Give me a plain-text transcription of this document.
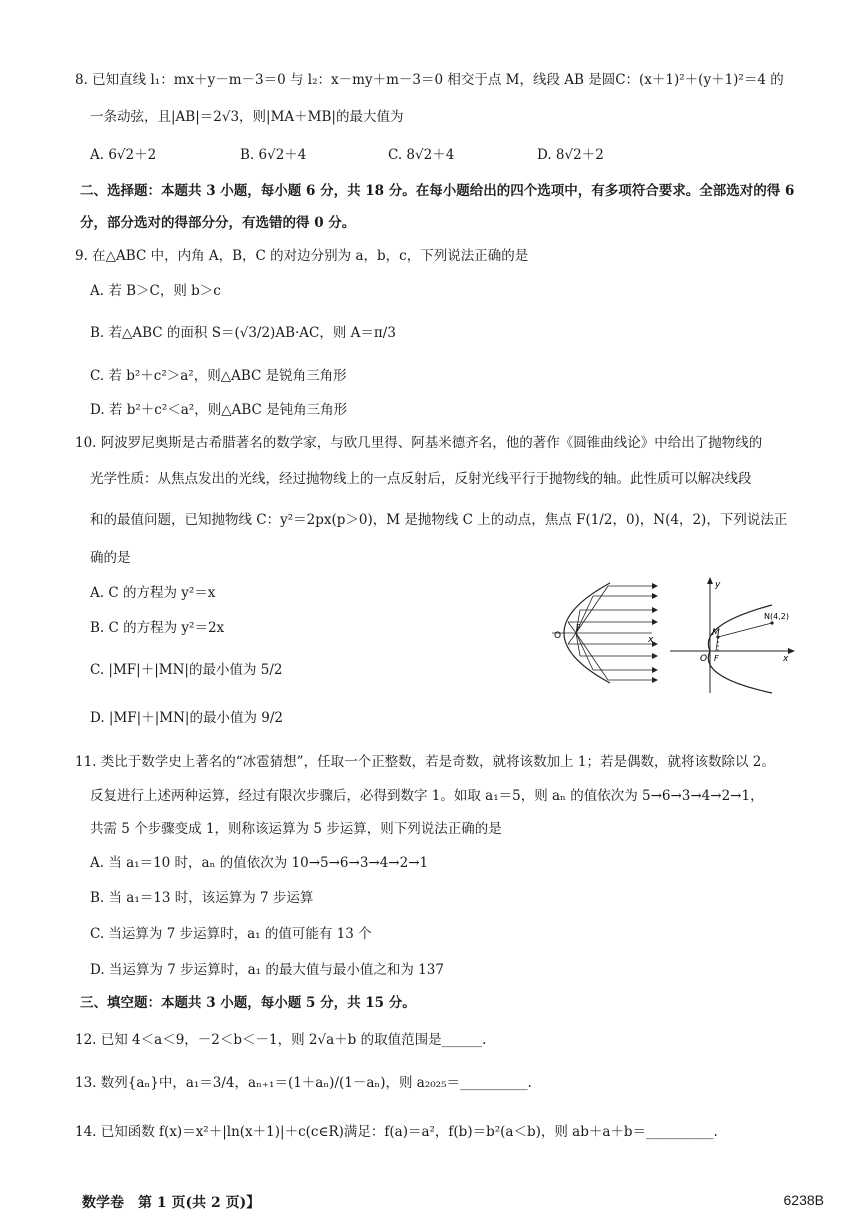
8. 已知直线 l₁：mx＋y－m－3＝0 与 l₂：x－my＋m－3＝0 相交于点 M，线段 AB 是圆C：(x＋1)²＋(y＋1)²＝4 的
一条动弦，且|AB|＝2√3，则|MA＋MB|的最大值为
A. 6√2＋2	B. 6√2＋4	C. 8√2＋4	D. 8√2＋2
二、选择题：本题共 3 小题，每小题 6 分，共 18 分。在每小题给出的四个选项中，有多项符合要求。全部选对的得 6
分，部分选对的得部分分，有选错的得 0 分。
9. 在△ABC 中，内角 A，B，C 的对边分别为 a，b，c，下列说法正确的是
A. 若 B＞C，则 b＞c
B. 若△ABC 的面积 S＝(√3/2)AB·AC，则 A＝π/3
C. 若 b²＋c²＞a²，则△ABC 是锐角三角形
D. 若 b²＋c²＜a²，则△ABC 是钝角三角形
10. 阿波罗尼奥斯是古希腊著名的数学家，与欧几里得、阿基米德齐名，他的著作《圆锥曲线论》中给出了抛物线的
光学性质：从焦点发出的光线，经过抛物线上的一点反射后，反射光线平行于抛物线的轴。此性质可以解决线段
和的最值问题，已知抛物线 C：y²＝2px(p＞0)，M 是抛物线 C 上的动点，焦点 F(1/2，0)，N(4，2)，下列说法正
确的是
A. C 的方程为 y²＝x
B. C 的方程为 y²＝2x
C. |MF|＋|MN|的最小值为 5/2
D. |MF|＋|MN|的最小值为 9/2
O
F
x
y
M
N(4,2)
O F	x
11. 类比于数学史上著名的“冰雹猜想”，任取一个正整数，若是奇数，就将该数加上 1；若是偶数，就将该数除以 2。
反复进行上述两种运算，经过有限次步骤后，必得到数字 1。如取 a₁＝5，则 aₙ 的值依次为 5→6→3→4→2→1，
共需 5 个步骤变成 1，则称该运算为 5 步运算，则下列说法正确的是
A. 当 a₁＝10 时，aₙ 的值依次为 10→5→6→3→4→2→1
B. 当 a₁＝13 时，该运算为 7 步运算
C. 当运算为 7 步运算时，a₁ 的值可能有 13 个
D. 当运算为 7 步运算时，a₁ 的最大值与最小值之和为 137
三、填空题：本题共 3 小题，每小题 5 分，共 15 分。
12. 已知 4＜a＜9，－2＜b＜－1，则 2√a＋b 的取值范围是______.
13. 数列{aₙ}中，a₁＝3/4，aₙ₊₁＝(1＋aₙ)/(1－aₙ)，则 a₂₀₂₅＝__________.
14. 已知函数 f(x)＝x²＋|ln(x＋1)|＋c(c∈R)满足：f(a)＝a²，f(b)＝b²(a＜b)，则 ab＋a＋b＝__________.
数学卷　第 1 页(共 2 页)】	6238B
